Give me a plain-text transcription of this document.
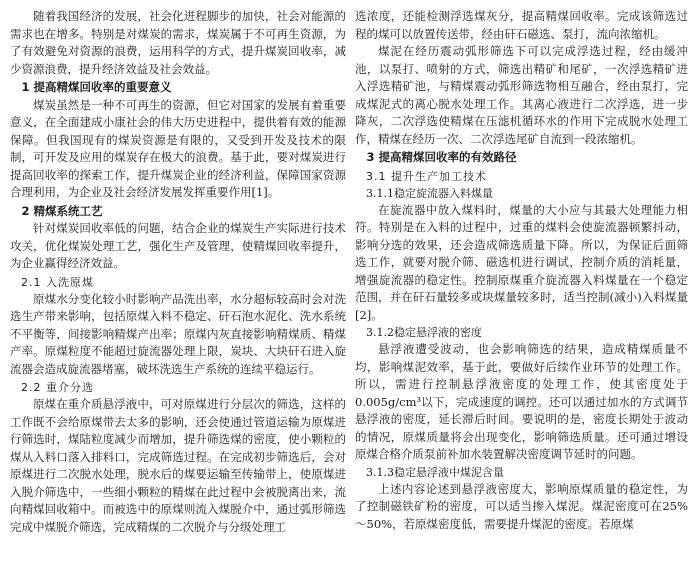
随着我国经济的发展，社会化进程脚步的加快，社会对能源的需求也在增多。特别是对煤炭的需求，煤炭属于不可再生资源，为了有效避免对资源的浪费，运用科学的方式，提升煤炭回收率，减少资源浪费，提升经济效益及社会效益。

1 提高精煤回收率的重要意义

煤炭虽然是一种不可再生的资源，但它对国家的发展有着重要意义，在全面建成小康社会的伟大历史进程中，提供着有效的能源保障。但我国现有的煤炭资源是有限的，又受到开发及技术的限制，可开发及应用的煤炭存在极大的浪费。基于此，要对煤炭进行提高回收率的探索工作，提升煤炭企业的经济利益，保障国家资源合理利用，为企业及社会经济发展发挥重要作用[1]。

2 精煤系统工艺

针对煤炭回收率低的问题，结合企业的煤炭生产实际进行技术攻关，优化煤炭处理工艺，强化生产及管理，使精煤回收率提升，为企业赢得经济效益。

2.1 入洗原煤

原煤水分变化较小时影响产品洗出率，水分超标较高时会对洗选生产带来影响，包括原煤入料不稳定、矸石泡水泥化、洗水系统不平衡等，间接影响精煤产出率；原煤内灰直接影响精煤质、精煤产率。原煤粒度不能超过旋流器处理上限，炭块、大块矸石进入旋流器会造成旋流器堵塞，破坏洗选生产系统的连续平稳运行。

2.2 重介分选

原煤在重介质悬浮液中，可对原煤进行分层次的筛选，这样的工作既不会给原煤带去太多的影响，还会使通过管道运输为原煤进行筛选时，煤陆粒度减少而增加，提升筛选煤的密度，使小颗粒的煤从入料口落入排料口，完成筛选过程。在完成初步筛选后，会对原煤进行二次脱水处理，脱水后的煤要运输至传输带上，使原煤进入脱介筛选中，一些细小颗粒的精煤在此过程中会被脱离出来，流向精煤回收箱中。而被选中的原煤则流入煤脱介中，通过弧形筛选完成中煤脱介筛选，完成精煤的二次脱介与分级处理工

选浓度，还能检测浮选煤灰分，提高精煤回收率。完成该筛选过程的煤可以放置传送带，经由矸石磁选、泵打，流向浓缩机。

煤泥在经历震动弧形筛选下可以完成浮选过程，经由缓冲池，以泵打、喷射的方式，筛选出精矿和尾矿，一次浮选精矿进入浮选精矿池，与精煤震动弧形筛选物相互融合，经由泵打，完成煤泥式的离心脱水处理工作。其离心液进行二次浮选，进一步降灰，二次浮选使精煤在压滤机循环水的作用下完成脱水处理工作，精煤在经历一次、二次浮选尾矿自流到一段浓缩机。

3 提高精煤回收率的有效路径
3.1 提升生产加工技术
3.1.1稳定旋流器入料煤量

在旋流器中放入煤料时，煤量的大小应与其最大处理能力相符。特别是在入料的过程中，过重的煤料会使旋流器顿繁抖动，影响分选的效果，还会造成筛选质量下降。所以，为保证后面筛选工作，就要对脱介筛、磁选机进行调试，控制介质的消耗量，增强旋流器的稳定性。控制原煤重介旋流器入料煤量在一个稳定范围，并在矸石量较多或块煤量较多时，适当控制(减小)入料煤量[2]。

3.1.2稳定悬浮液的密度

悬浮液遭受波动，也会影响筛选的结果，造成精煤质量不均，影响煤泥效率，基于此，要做好后续作业环节的处理工作。所以，需进行控制悬浮液密度的处理工作，使其密度处于0.005g/cm³以下，完成速度的调控。还可以通过加水的方式调节悬浮液的密度，延长滞后时间。要说明的是，密度长期处于波动的情况，原煤质量将会出现变化，影响筛选质量。还可通过增设原煤合格介质泵前补加水装置解决密度调节延时的问题。

3.1.3稳定悬浮液中煤泥含量

上述内容论述到悬浮液密度大，影响原煤质量的稳定性，为了控制磁铁矿粉的密度，可以适当掺入煤泥。煤泥密度可在25%～50%，若原煤密度低，需要提升煤泥的密度。若原煤
